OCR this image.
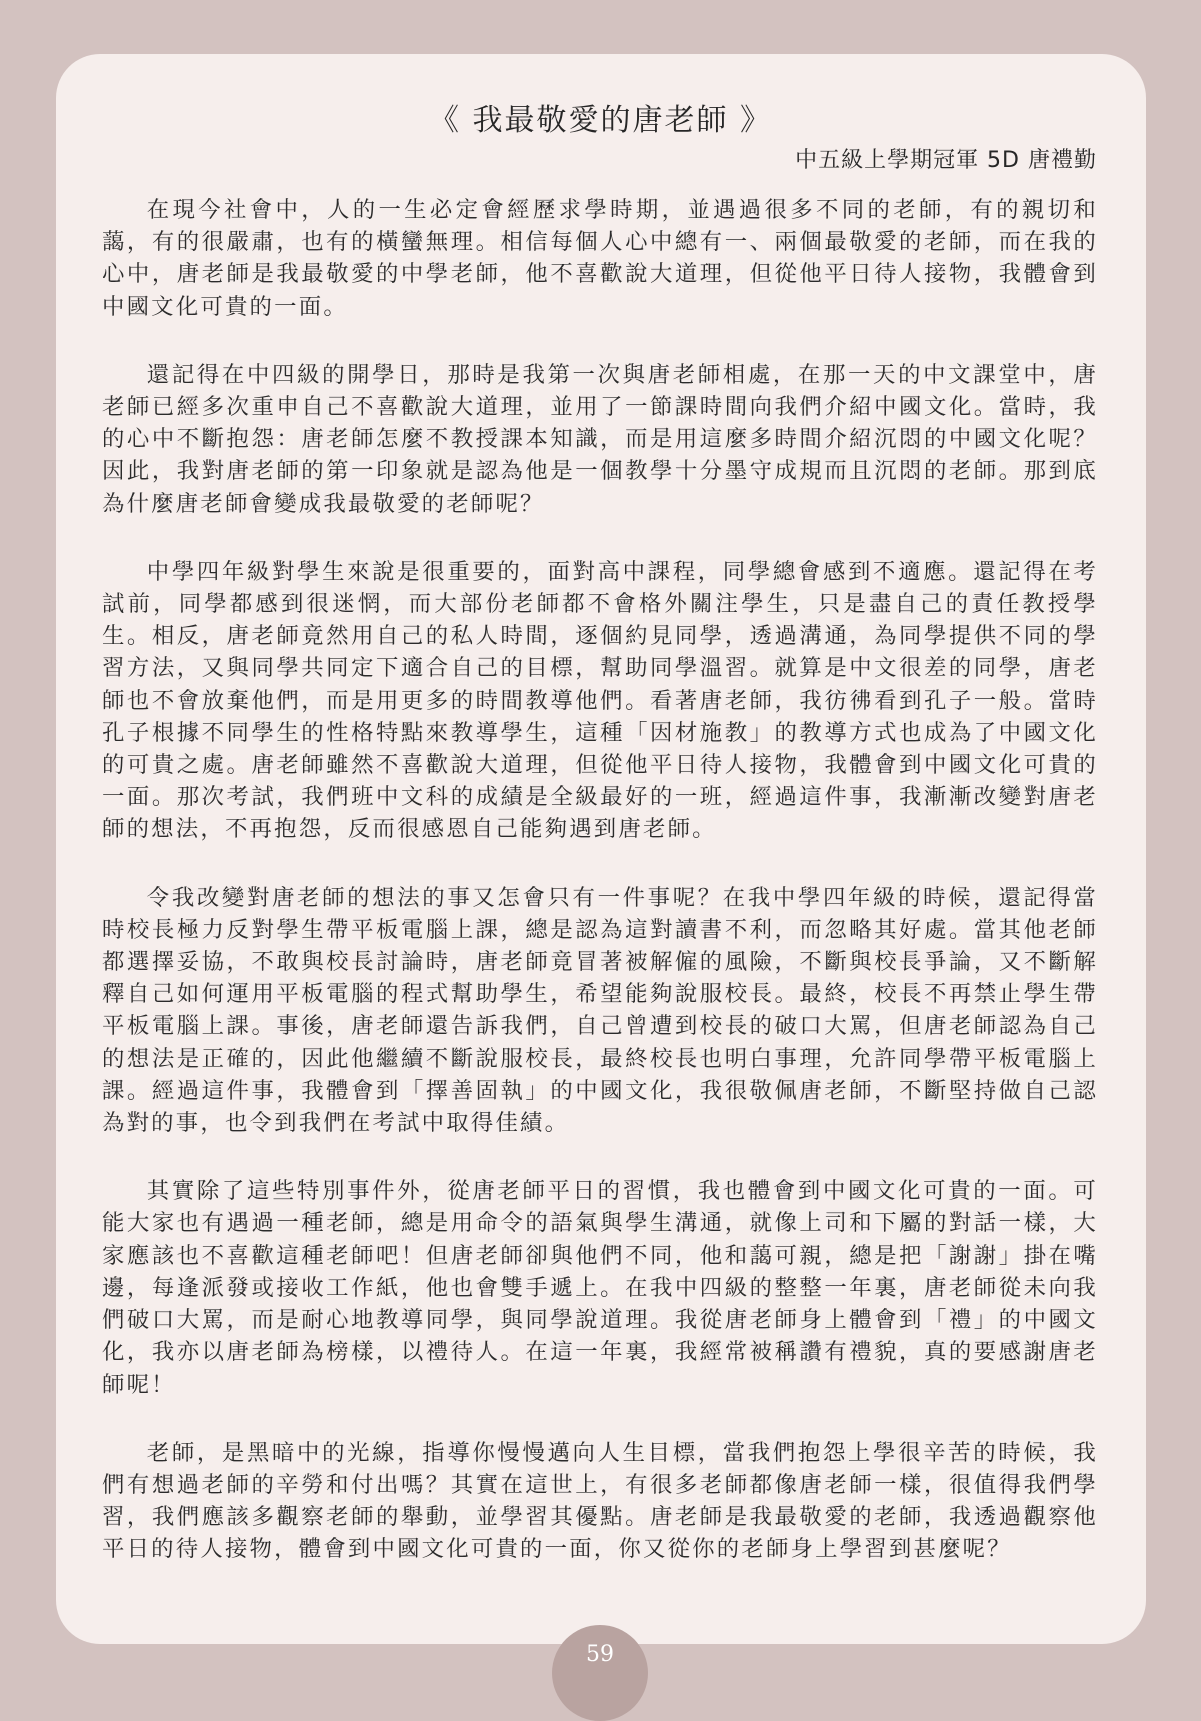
《 我最敬愛的唐老師 》
中五級上學期冠軍 5D 唐禮勤

在現今社會中，人的一生必定會經歷求學時期，並遇過很多不同的老師，有的親切和藹，有的很嚴肅，也有的橫蠻無理。相信每個人心中總有一、兩個最敬愛的老師，而在我的心中，唐老師是我最敬愛的中學老師，他不喜歡說大道理，但從他平日待人接物，我體會到中國文化可貴的一面。

還記得在中四級的開學日，那時是我第一次與唐老師相處，在那一天的中文課堂中，唐老師已經多次重申自己不喜歡說大道理，並用了一節課時間向我們介紹中國文化。當時，我的心中不斷抱怨：唐老師怎麼不教授課本知識，而是用這麼多時間介紹沉悶的中國文化呢？因此，我對唐老師的第一印象就是認為他是一個教學十分墨守成規而且沉悶的老師。那到底為什麼唐老師會變成我最敬愛的老師呢？

中學四年級對學生來說是很重要的，面對高中課程，同學總會感到不適應。還記得在考試前，同學都感到很迷惘，而大部份老師都不會格外關注學生，只是盡自己的責任教授學生。相反，唐老師竟然用自己的私人時間，逐個約見同學，透過溝通，為同學提供不同的學習方法，又與同學共同定下適合自己的目標，幫助同學溫習。就算是中文很差的同學，唐老師也不會放棄他們，而是用更多的時間教導他們。看著唐老師，我彷彿看到孔子一般。當時孔子根據不同學生的性格特點來教導學生，這種「因材施教」的教導方式也成為了中國文化的可貴之處。唐老師雖然不喜歡說大道理，但從他平日待人接物，我體會到中國文化可貴的一面。那次考試，我們班中文科的成績是全級最好的一班，經過這件事，我漸漸改變對唐老師的想法，不再抱怨，反而很感恩自己能夠遇到唐老師。

令我改變對唐老師的想法的事又怎會只有一件事呢？在我中學四年級的時候，還記得當時校長極力反對學生帶平板電腦上課，總是認為這對讀書不利，而忽略其好處。當其他老師都選擇妥協，不敢與校長討論時，唐老師竟冒著被解僱的風險，不斷與校長爭論，又不斷解釋自己如何運用平板電腦的程式幫助學生，希望能夠說服校長。最終，校長不再禁止學生帶平板電腦上課。事後，唐老師還告訴我們，自己曾遭到校長的破口大罵，但唐老師認為自己的想法是正確的，因此他繼續不斷說服校長，最終校長也明白事理，允許同學帶平板電腦上課。經過這件事，我體會到「擇善固執」的中國文化，我很敬佩唐老師，不斷堅持做自己認為對的事，也令到我們在考試中取得佳績。

其實除了這些特別事件外，從唐老師平日的習慣，我也體會到中國文化可貴的一面。可能大家也有遇過一種老師，總是用命令的語氣與學生溝通，就像上司和下屬的對話一樣，大家應該也不喜歡這種老師吧！但唐老師卻與他們不同，他和藹可親，總是把「謝謝」掛在嘴邊，每逢派發或接收工作紙，他也會雙手遞上。在我中四級的整整一年裏，唐老師從未向我們破口大罵，而是耐心地教導同學，與同學說道理。我從唐老師身上體會到「禮」的中國文化，我亦以唐老師為榜樣，以禮待人。在這一年裏，我經常被稱讚有禮貌，真的要感謝唐老師呢！

老師，是黑暗中的光線，指導你慢慢邁向人生目標，當我們抱怨上學很辛苦的時候，我們有想過老師的辛勞和付出嗎？其實在這世上，有很多老師都像唐老師一樣，很值得我們學習，我們應該多觀察老師的舉動，並學習其優點。唐老師是我最敬愛的老師，我透過觀察他平日的待人接物，體會到中國文化可貴的一面，你又從你的老師身上學習到甚麼呢？

59
